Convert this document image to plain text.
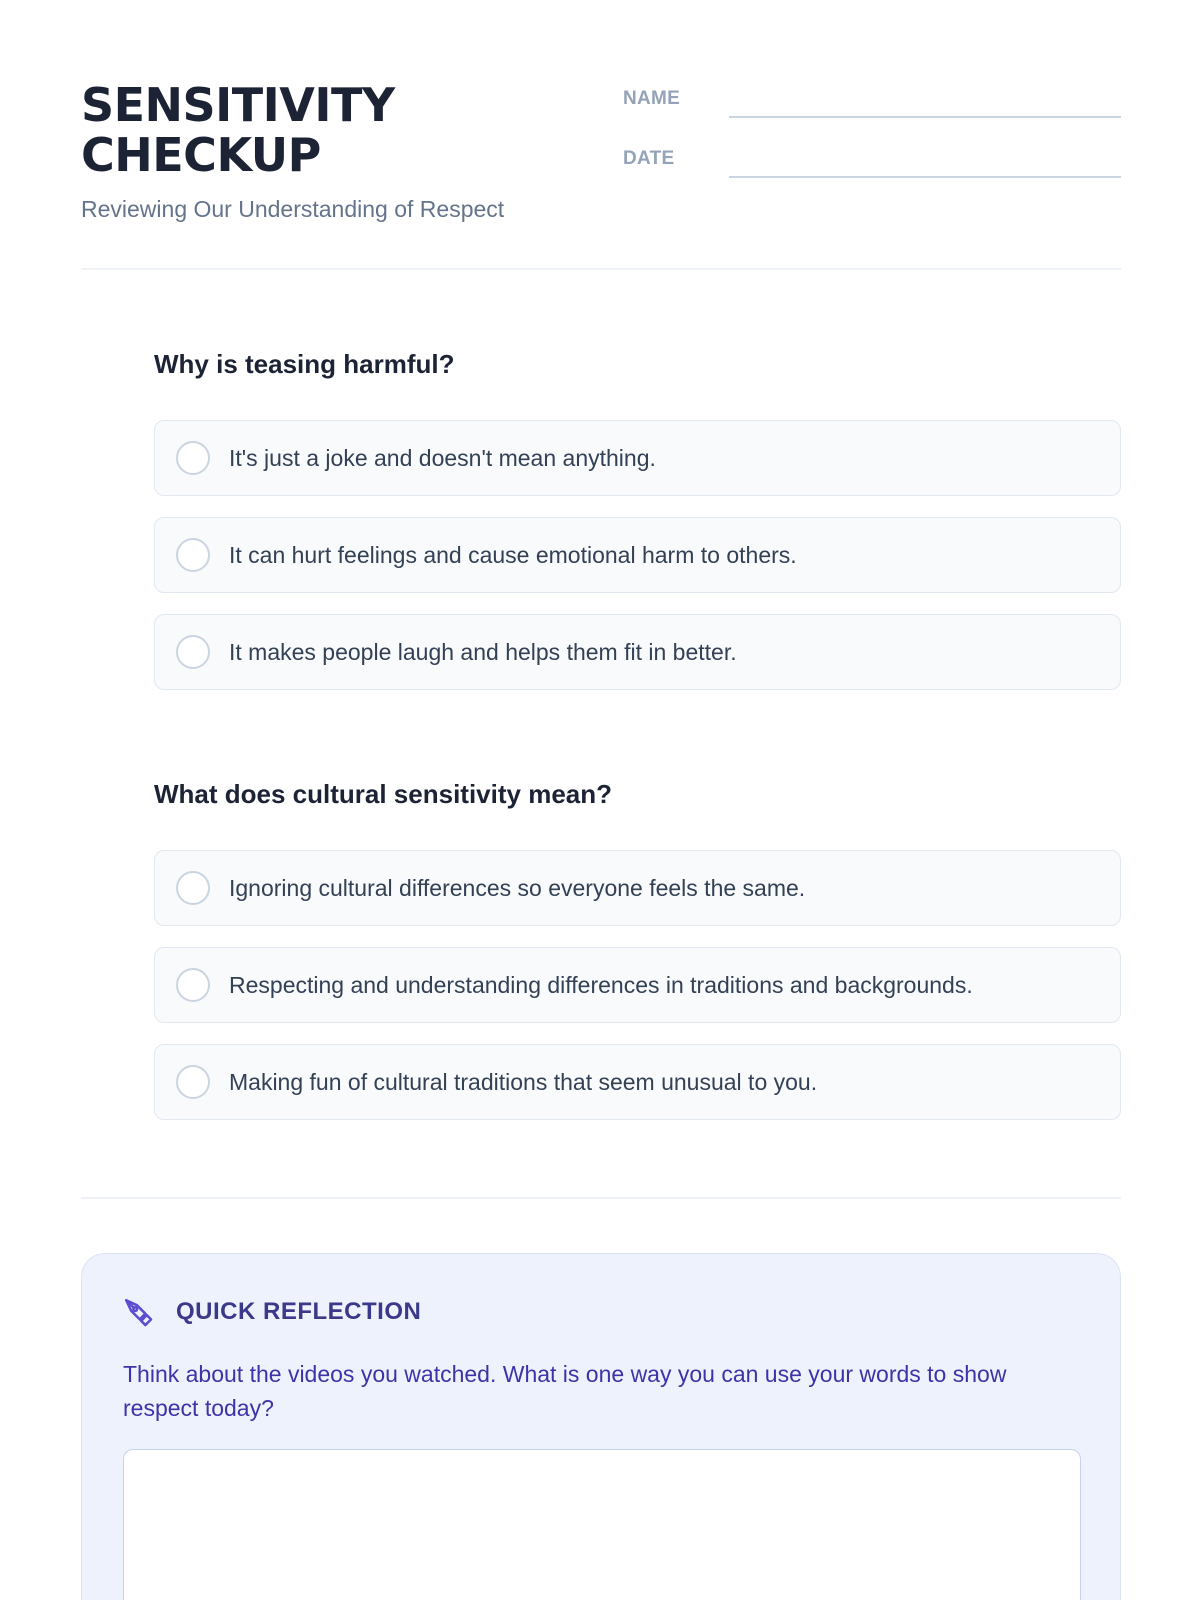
SENSITIVITY CHECKUP
Reviewing Our Understanding of Respect
NAME
DATE
Why is teasing harmful?
It's just a joke and doesn't mean anything.
It can hurt feelings and cause emotional harm to others.
It makes people laugh and helps them fit in better.
What does cultural sensitivity mean?
Ignoring cultural differences so everyone feels the same.
Respecting and understanding differences in traditions and backgrounds.
Making fun of cultural traditions that seem unusual to you.
QUICK REFLECTION
Think about the videos you watched. What is one way you can use your words to show respect today?
